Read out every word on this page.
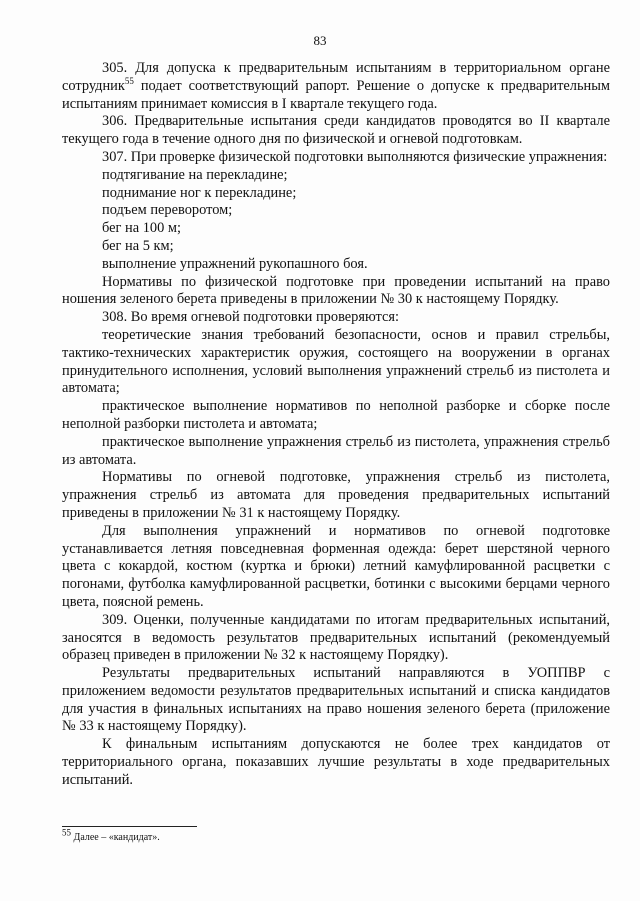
83

305. Для допуска к предварительным испытаниям в территориальном органе сотрудник$^{55}$ подает соответствующий рапорт. Решение о допуске к предварительным испытаниям принимает комиссия в I квартале текущего года.

306. Предварительные испытания среди кандидатов проводятся во II квартале текущего года в течение одного дня по физической и огневой подготовкам.

307. При проверке физической подготовки выполняются физические упражнения:

подтягивание на перекладине;

поднимание ног к перекладине;

подъем переворотом;

бег на 100 м;

бег на 5 км;

выполнение упражнений рукопашного боя.

Нормативы по физической подготовке при проведении испытаний на право ношения зеленого берета приведены в приложении № 30 к настоящему Порядку.

308. Во время огневой подготовки проверяются:

теоретические знания требований безопасности, основ и правил стрельбы, тактико-технических характеристик оружия, состоящего на вооружении в органах принудительного исполнения, условий выполнения упражнений стрельб из пистолета и автомата;

практическое выполнение нормативов по неполной разборке и сборке после неполной разборки пистолета и автомата;

практическое выполнение упражнения стрельб из пистолета, упражнения стрельб из автомата.

Нормативы по огневой подготовке, упражнения стрельб из пистолета, упражнения стрельб из автомата для проведения предварительных испытаний приведены в приложении № 31 к настоящему Порядку.

Для выполнения упражнений и нормативов по огневой подготовке устанавливается летняя повседневная форменная одежда: берет шерстяной черного цвета с кокардой, костюм (куртка и брюки) летний камуфлированной расцветки с погонами, футболка камуфлированной расцветки, ботинки с высокими берцами черного цвета, поясной ремень.

309. Оценки, полученные кандидатами по итогам предварительных испытаний, заносятся в ведомость результатов предварительных испытаний (рекомендуемый образец приведен в приложении № 32 к настоящему Порядку).

Результаты предварительных испытаний направляются в УОППВР с приложением ведомости результатов предварительных испытаний и списка кандидатов для участия в финальных испытаниях на право ношения зеленого берета (приложение № 33 к настоящему Порядку).

К финальным испытаниям допускаются не более трех кандидатов от территориального органа, показавших лучшие результаты в ходе предварительных испытаний.

$^{55}$ Далее – «кандидат».
